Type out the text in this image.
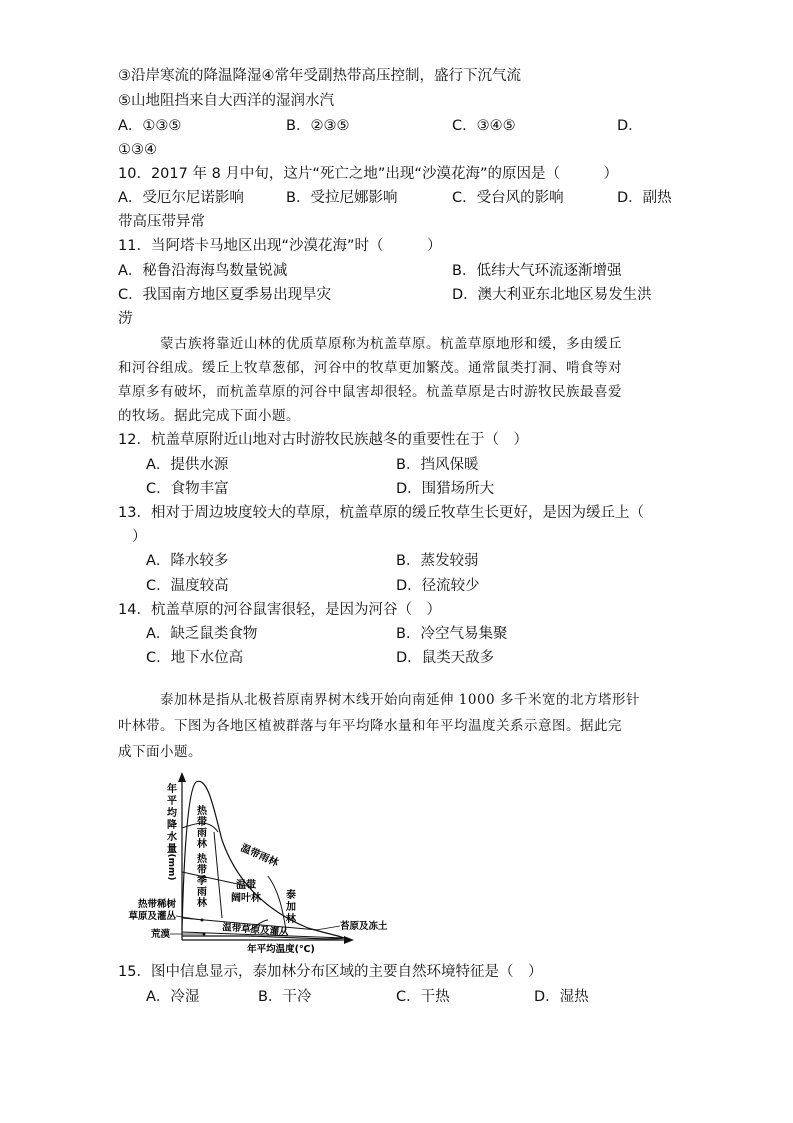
③沿岸寒流的降温降湿④常年受副热带高压控制，盛行下沉气流
⑤山地阻挡来自大西洋的湿润水汽
A．①③⑤	B．②③⑤	C．③④⑤	D．
①③④
10．2017 年 8 月中旬，这片“死亡之地”出现“沙漠花海”的原因是（　　　）
A．受厄尔尼诺影响	B．受拉尼娜影响	C．受台风的影响	D．副热
带高压带异常
11．当阿塔卡马地区出现“沙漠花海”时（　　　）
A．秘鲁沿海海鸟数量锐减	B．低纬大气环流逐渐增强
C．我国南方地区夏季易出现旱灾	D．澳大利亚东北地区易发生洪
涝
蒙古族将靠近山林的优质草原称为杭盖草原。杭盖草原地形和缓，多由缓丘
和河谷组成。缓丘上牧草葱郁，河谷中的牧草更加繁茂。通常鼠类打洞、啃食等对
草原多有破坏，而杭盖草原的河谷中鼠害却很轻。杭盖草原是古时游牧民族最喜爱
的牧场。据此完成下面小题。
12．杭盖草原附近山地对古时游牧民族越冬的重要性在于（　）
A．提供水源	B．挡风保暖
C．食物丰富	D．围猎场所大
13．相对于周边坡度较大的草原，杭盖草原的缓丘牧草生长更好，是因为缓丘上（
）
A．降水较多	B．蒸发较弱
C．温度较高	D．径流较少
14．杭盖草原的河谷鼠害很轻，是因为河谷（　）
A．缺乏鼠类食物	B．冷空气易集聚
C．地下水位高	D．鼠类天敌多
泰加林是指从北极苔原南界树木线开始向南延伸 1000 多千米宽的北方塔形针
叶林带。下图为各地区植被群落与年平均降水量和年平均温度关系示意图。据此完
成下面小题。
年
平
均
降
水
量
(mm)
热
带
雨
林	温带雨林
热
带
季
雨
林
温带
阔叶林	泰
加
林
温带草原及灌丛
热带稀树
草原及灌丛
荒漠
苔原及冻土
年平均温度(℃)
15．图中信息显示，泰加林分布区域的主要自然环境特征是（　）
A．冷湿	B．干冷	C．干热	D．湿热
